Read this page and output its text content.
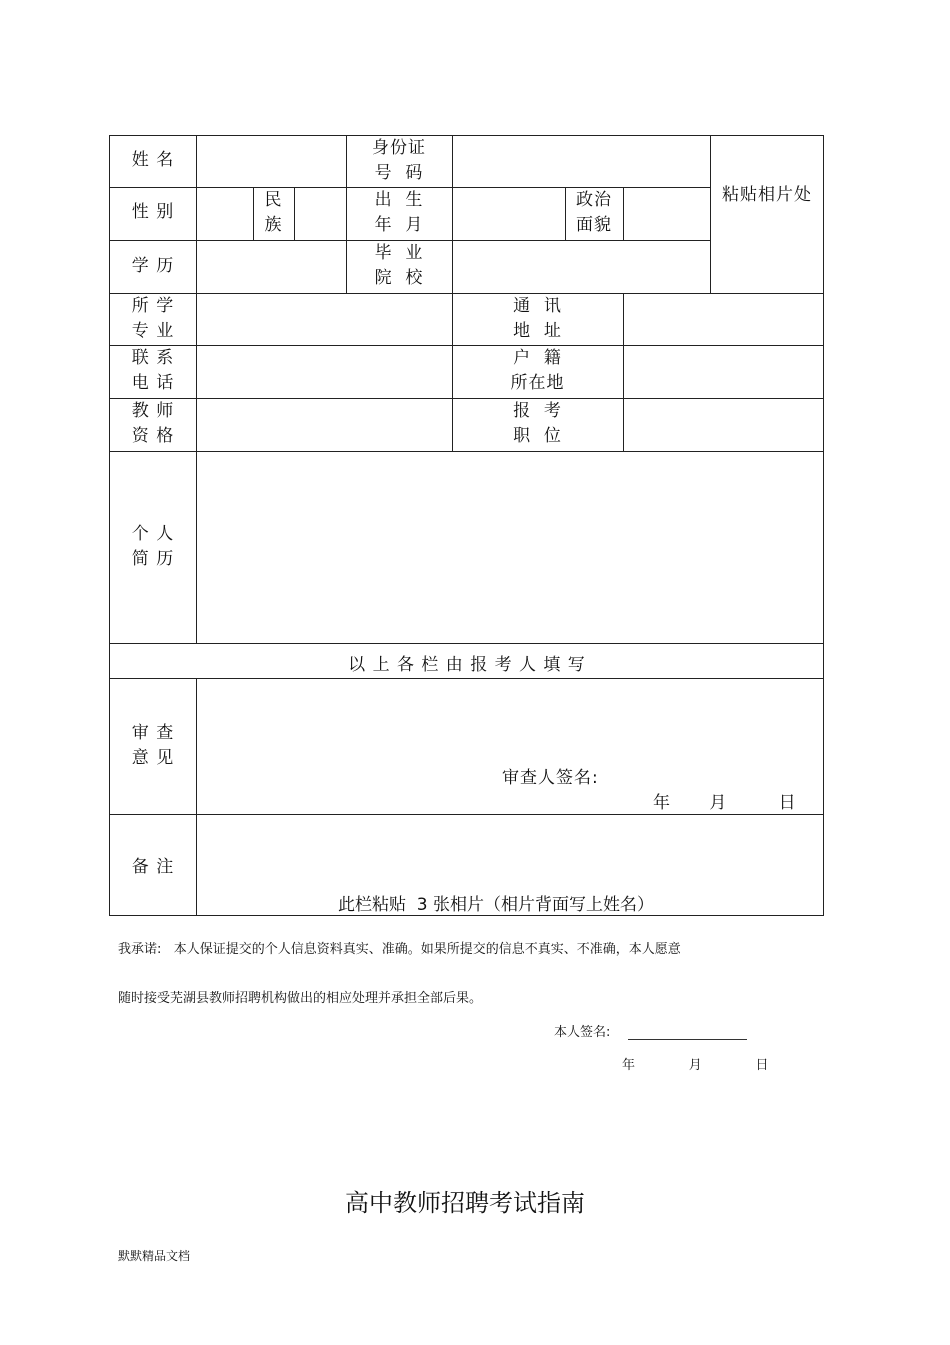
姓 名
身份证
号  码
粘贴相片处
性 别
民
族
出  生
年  月
政治
面貌
学 历
毕  业
院  校
所 学
专 业
通  讯
地  址
联 系
电 话
户  籍
所在地
教 师
资 格
报  考
职  位
个 人
简 历
以 上 各 栏 由 报 考 人 填 写
审 查
意 见
审查人签名:
年      月        日
备 注
此栏粘贴  3 张相片（相片背面写上姓名）
我承诺:   本人保证提交的个人信息资料真实、准确。如果所提交的信息不真实、不准确，本人愿意
随时接受芜湖县教师招聘机构做出的相应处理并承担全部后果。
本人签名:
年             月             日
高中教师招聘考试指南
默默精品文档
